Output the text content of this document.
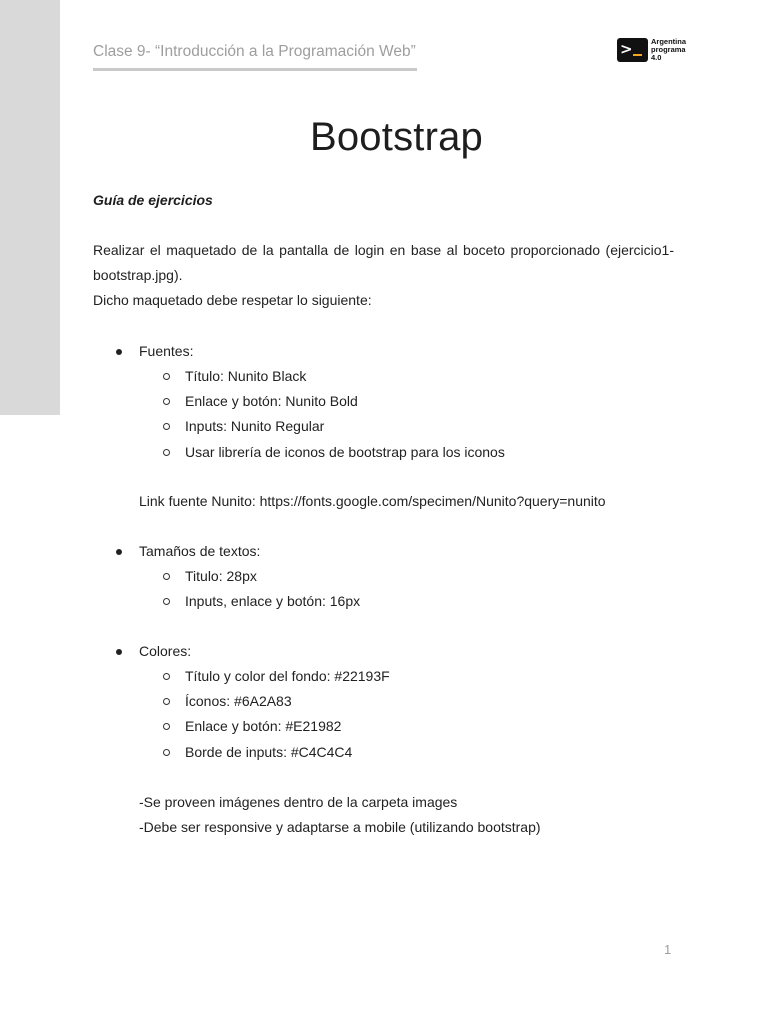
Clase 9- “Introducción a la Programación Web”	> Argentina
programa
4.0
Bootstrap

Guía de ejercicios

Realizar el maquetado de la pantalla de login en base al boceto proporcionado (ejercicio1-bootstrap.jpg).

Dicho maquetado debe respetar lo siguiente:

Fuentes:
Título: Nunito Black
Enlace y botón: Nunito Bold
Inputs: Nunito Regular
Usar librería de iconos de bootstrap para los iconos

Link fuente Nunito: https://fonts.google.com/specimen/Nunito?query=nunito

Tamaños de textos:
Titulo: 28px
Inputs, enlace y botón: 16px
Colores:
Título y color del fondo: #22193F
Íconos: #6A2A83
Enlace y botón: #E21982
Borde de inputs: #C4C4C4

-Se proveen imágenes dentro de la carpeta images

-Debe ser responsive y adaptarse a mobile (utilizando bootstrap)

1
